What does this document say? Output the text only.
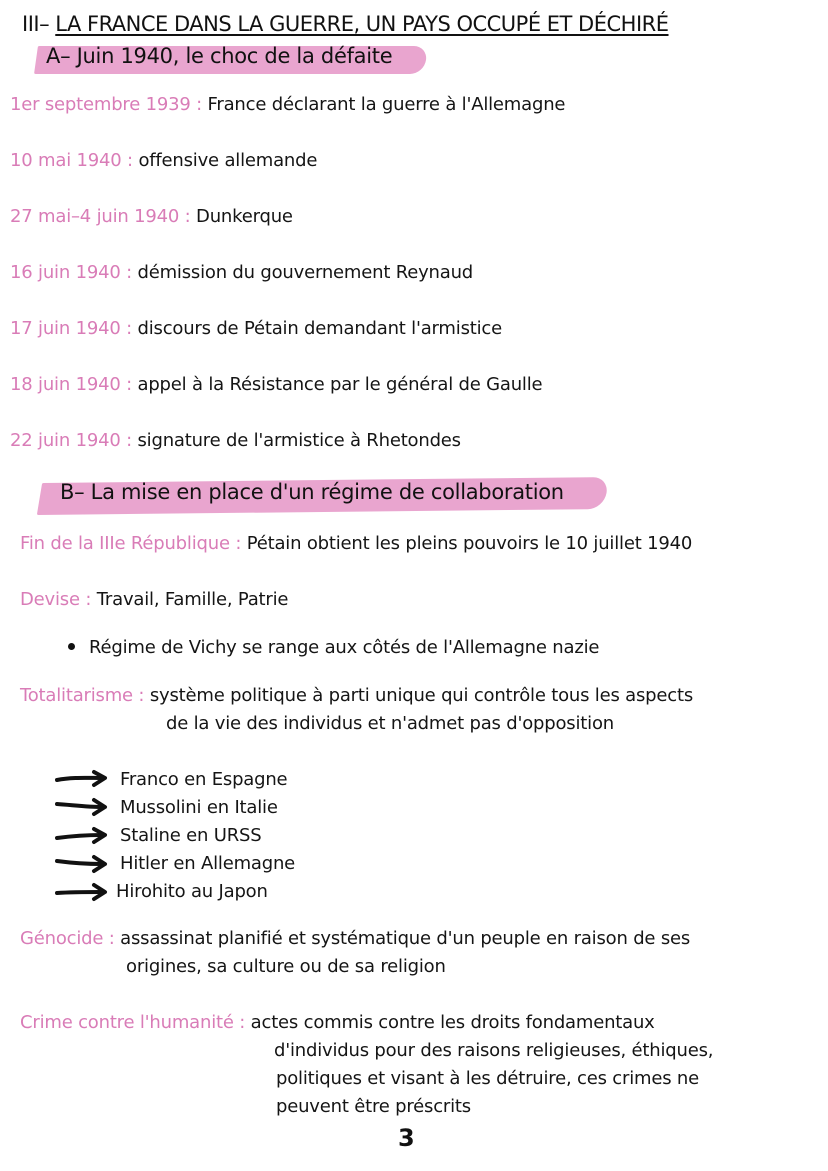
III– LA FRANCE DANS LA GUERRE, UN PAYS OCCUPÉ ET DÉCHIRÉ
A– Juin 1940, le choc de la défaite
1er septembre 1939 : France déclarant la guerre à l'Allemagne
10 mai 1940 : offensive allemande
27 mai–4 juin 1940 : Dunkerque
16 juin 1940 : démission du gouvernement Reynaud
17 juin 1940 : discours de Pétain demandant l'armistice
18 juin 1940 : appel à la Résistance par le général de Gaulle
22 juin 1940 : signature de l'armistice à Rhetondes
B– La mise en place d'un régime de collaboration
Fin de la IIIe République : Pétain obtient les pleins pouvoirs le 10 juillet 1940
Devise : Travail, Famille, Patrie
Régime de Vichy se range aux côtés de l'Allemagne nazie
Totalitarisme : système politique à parti unique qui contrôle tous les aspects
de la vie des individus et n'admet pas d'opposition
Franco en Espagne
Mussolini en Italie
Staline en URSS
Hitler en Allemagne
Hirohito au Japon
Génocide : assassinat planifié et systématique d'un peuple en raison de ses
origines, sa culture ou de sa religion
Crime contre l'humanité : actes commis contre les droits fondamentaux
d'individus pour des raisons religieuses, éthiques,
politiques et visant à les détruire, ces crimes ne
peuvent être préscrits
3
